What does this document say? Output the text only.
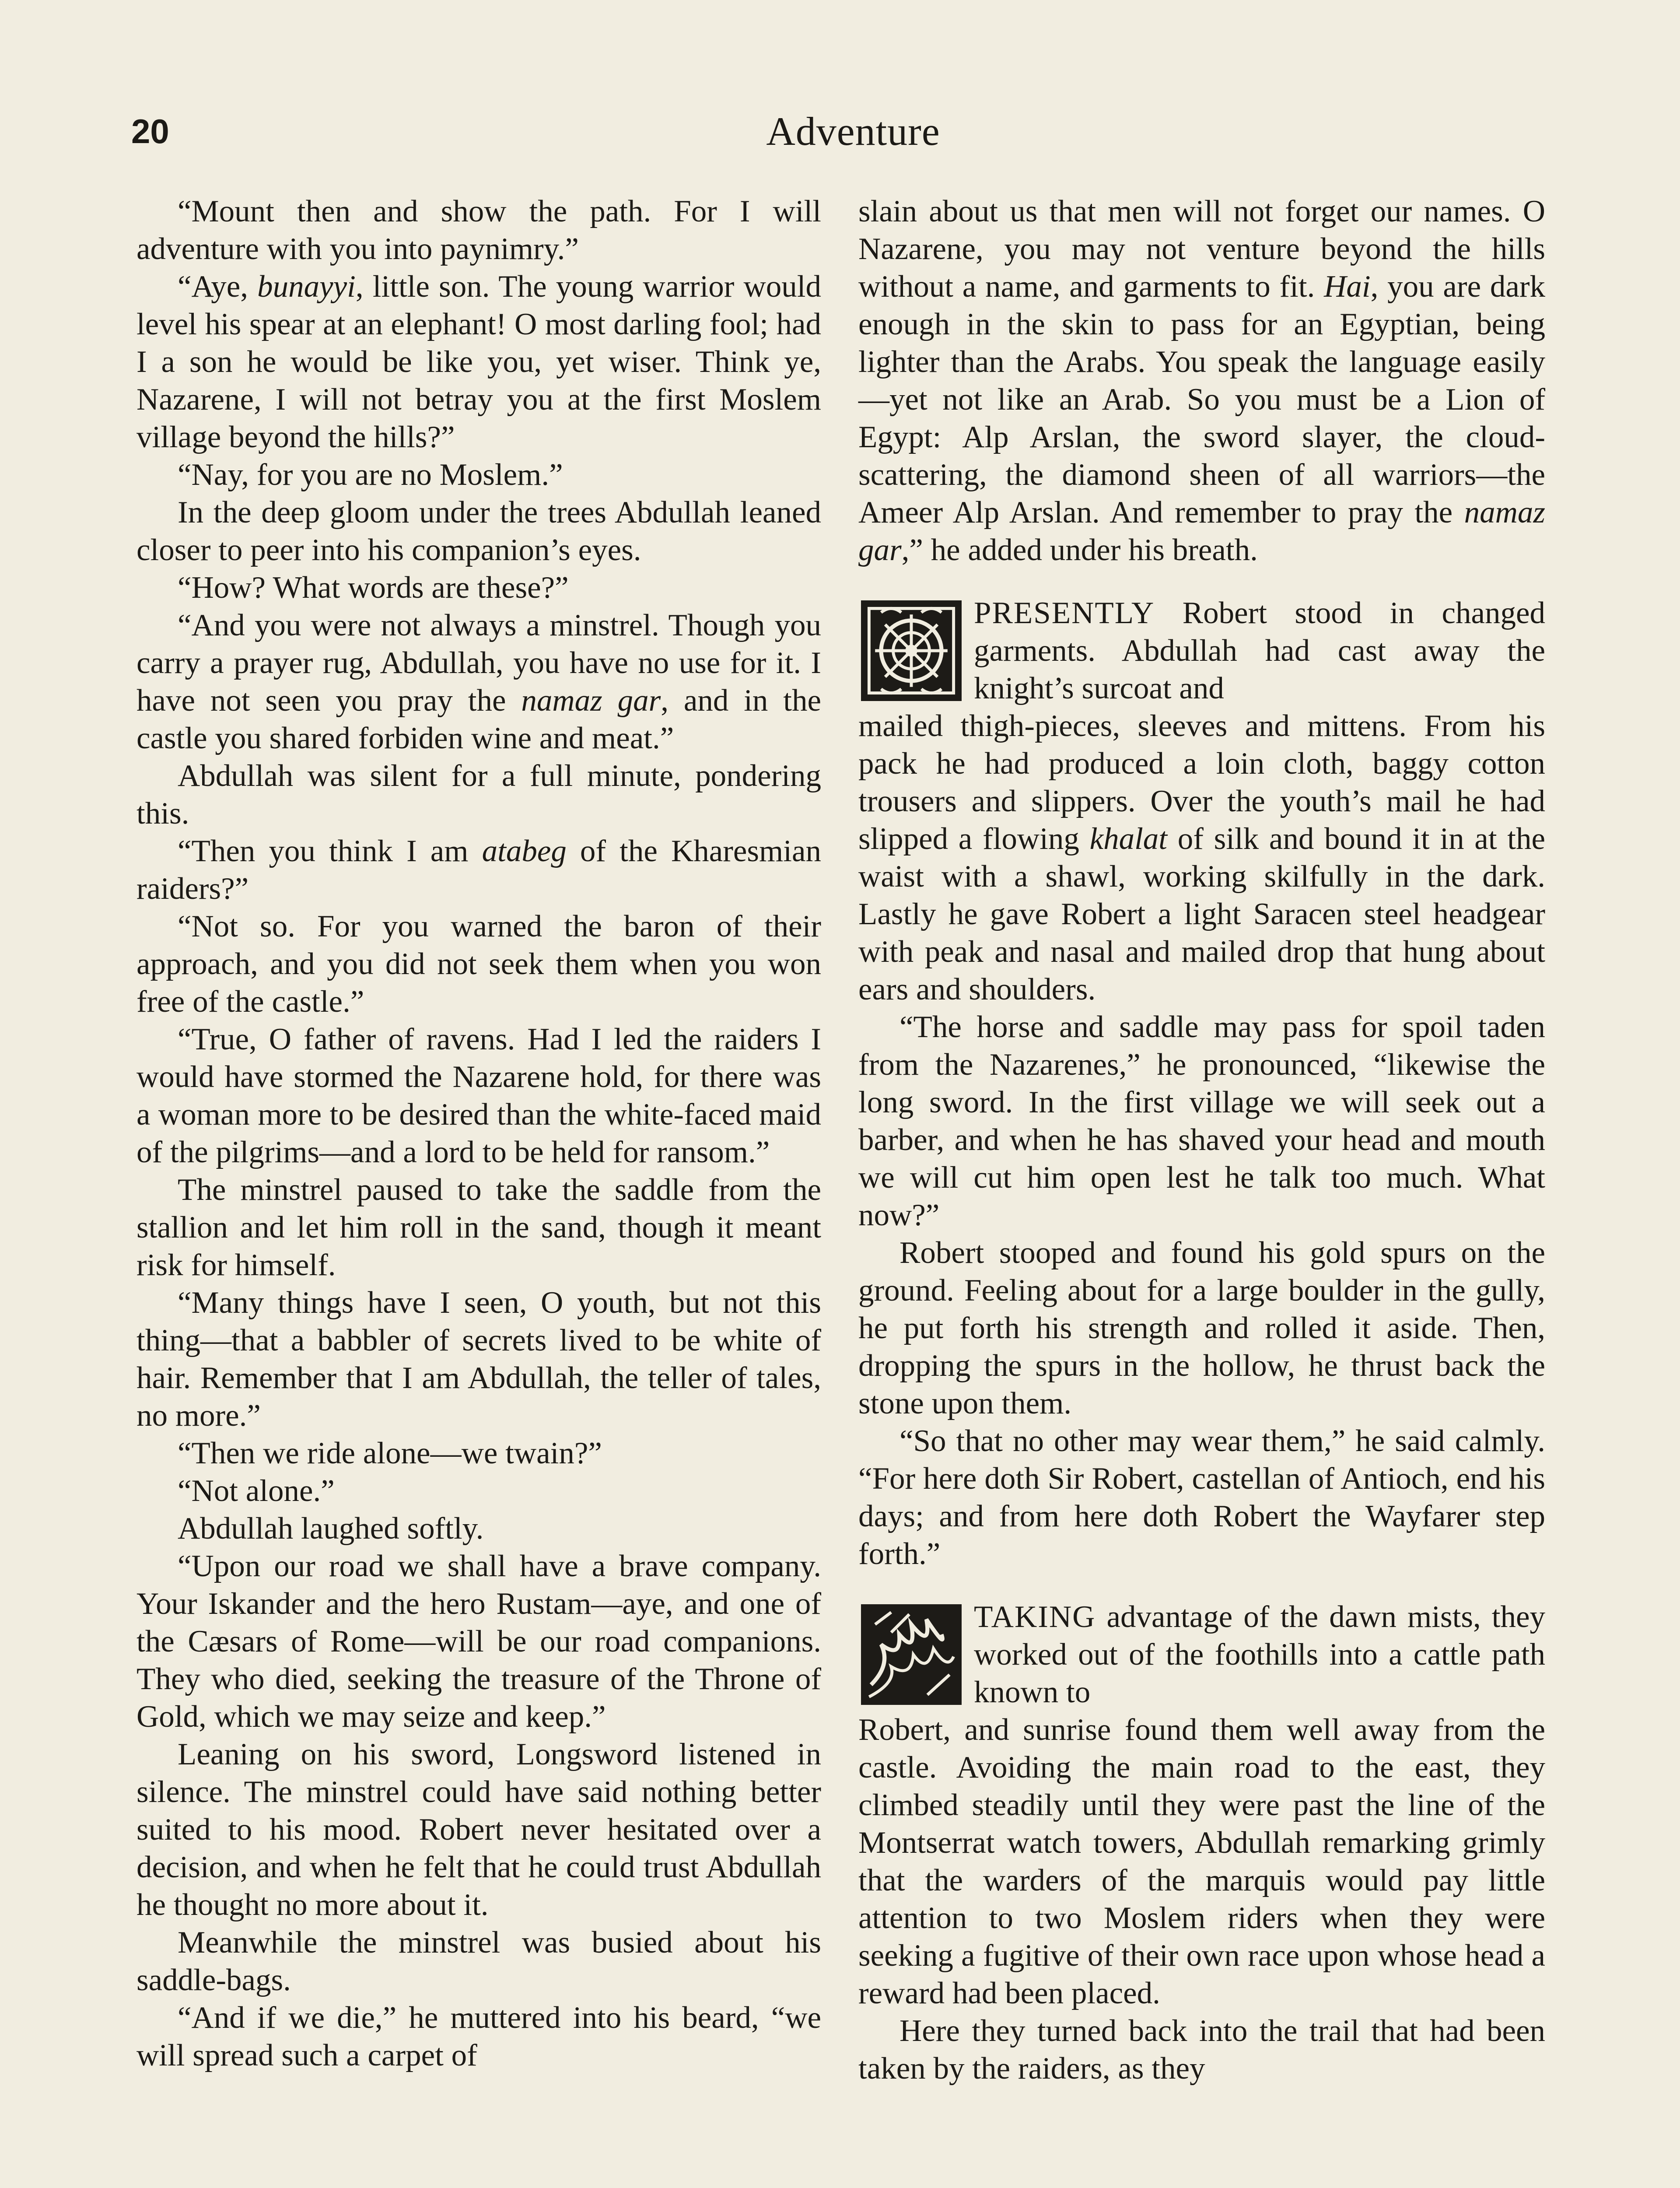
20	Adventure

“Mount then and show the path. For I will adventure with you into paynimry.”

“Aye, bunayyi, little son. The young warrior would level his spear at an elephant! O most darling fool; had I a son he would be like you, yet wiser. Think ye, Nazarene, I will not betray you at the first Moslem village beyond the hills?”

“Nay, for you are no Moslem.”

In the deep gloom under the trees Abdullah leaned closer to peer into his companion’s eyes.

“How? What words are these?”

“And you were not always a minstrel. Though you carry a prayer rug, Abdullah, you have no use for it. I have not seen you pray the namaz gar, and in the castle you shared forbiden wine and meat.”

Abdullah was silent for a full minute, pondering this.

“Then you think I am atabeg of the Kharesmian raiders?”

“Not so. For you warned the baron of their approach, and you did not seek them when you won free of the castle.”

“True, O father of ravens. Had I led the raiders I would have stormed the Nazarene hold, for there was a woman more to be desired than the white-faced maid of the pilgrims—and a lord to be held for ransom.”

The minstrel paused to take the saddle from the stallion and let him roll in the sand, though it meant risk for himself.

“Many things have I seen, O youth, but not this thing—that a babbler of secrets lived to be white of hair. Remember that I am Abdullah, the teller of tales, no more.”

“Then we ride alone—we twain?”

“Not alone.”

Abdullah laughed softly.

“Upon our road we shall have a brave company. Your Iskander and the hero Rustam—aye, and one of the Cæsars of Rome—will be our road companions. They who died, seeking the treasure of the Throne of Gold, which we may seize and keep.”

Leaning on his sword, Longsword listened in silence. The minstrel could have said nothing better suited to his mood. Robert never hesitated over a decision, and when he felt that he could trust Abdullah he thought no more about it.

Meanwhile the minstrel was busied about his saddle-bags.

“And if we die,” he muttered into his beard, “we will spread such a carpet of

slain about us that men will not forget our names. O Nazarene, you may not venture beyond the hills without a name, and garments to fit. Hai, you are dark enough in the skin to pass for an Egyptian, being lighter than the Arabs. You speak the language easily—yet not like an Arab. So you must be a Lion of Egypt: Alp Arslan, the sword slayer, the cloud-scattering, the diamond sheen of all warriors—the Ameer Alp Arslan. And remember to pray the namaz gar,” he added under his breath.

PRESENTLY Robert stood in changed garments. Abdullah had cast away the knight’s surcoat and

mailed thigh-pieces, sleeves and mittens. From his pack he had produced a loin cloth, baggy cotton trousers and slippers. Over the youth’s mail he had slipped a flowing khalat of silk and bound it in at the waist with a shawl, working skilfully in the dark. Lastly he gave Robert a light Saracen steel headgear with peak and nasal and mailed drop that hung about ears and shoulders.

“The horse and saddle may pass for spoil taden from the Nazarenes,” he pronounced, “likewise the long sword. In the first village we will seek out a barber, and when he has shaved your head and mouth we will cut him open lest he talk too much. What now?”

Robert stooped and found his gold spurs on the ground. Feeling about for a large boulder in the gully, he put forth his strength and rolled it aside. Then, dropping the spurs in the hollow, he thrust back the stone upon them.

“So that no other may wear them,” he said calmly. “For here doth Sir Robert, castellan of Antioch, end his days; and from here doth Robert the Wayfarer step forth.”

TAKING advantage of the dawn mists, they worked out of the foothills into a cattle path known to

Robert, and sunrise found them well away from the castle. Avoiding the main road to the east, they climbed steadily until they were past the line of the Montserrat watch towers, Abdullah remarking grimly that the warders of the marquis would pay little attention to two Moslem riders when they were seeking a fugitive of their own race upon whose head a reward had been placed.

Here they turned back into the trail that had been taken by the raiders, as they
